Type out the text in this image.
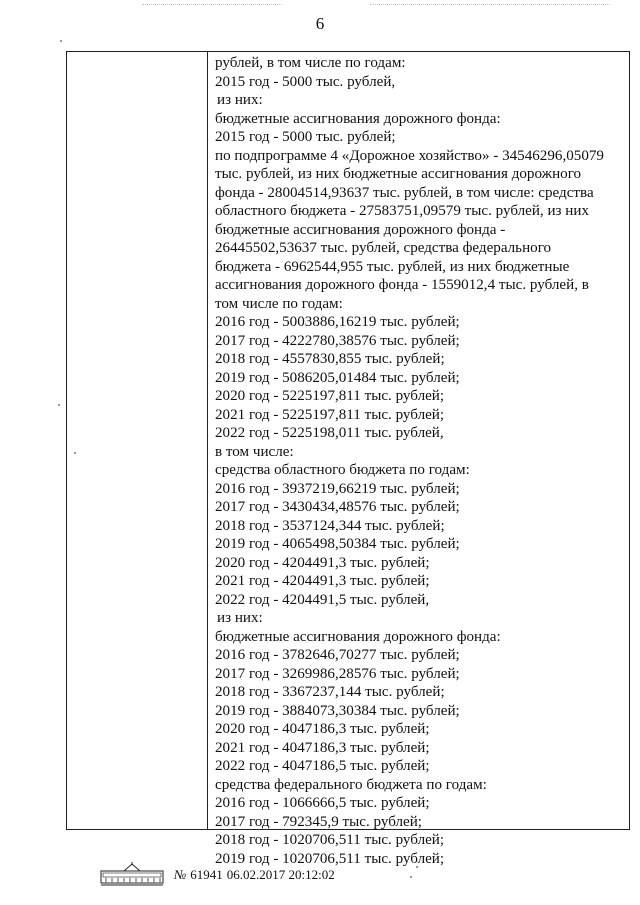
6
рублей, в том числе по годам:
2015 год - 5000 тыс. рублей,
из них:
бюджетные ассигнования дорожного фонда:
2015 год - 5000 тыс. рублей;
по подпрограмме 4 «Дорожное хозяйство» - 34546296,05079
тыс. рублей, из них бюджетные ассигнования дорожного
фонда - 28004514,93637 тыс. рублей, в том числе: средства
областного бюджета - 27583751,09579 тыс. рублей, из них
бюджетные ассигнования дорожного фонда -
26445502,53637 тыс. рублей, средства федерального
бюджета - 6962544,955 тыс. рублей, из них бюджетные
ассигнования дорожного фонда - 1559012,4 тыс. рублей, в
том числе по годам:
2016 год - 5003886,16219 тыс. рублей;
2017 год - 4222780,38576 тыс. рублей;
2018 год - 4557830,855 тыс. рублей;
2019 год - 5086205,01484 тыс. рублей;
2020 год - 5225197,811 тыс. рублей;
2021 год - 5225197,811 тыс. рублей;
2022 год - 5225198,011 тыс. рублей,
в том числе:
средства областного бюджета по годам:
2016 год - 3937219,66219 тыс. рублей;
2017 год - 3430434,48576 тыс. рублей;
2018 год - 3537124,344 тыс. рублей;
2019 год - 4065498,50384 тыс. рублей;
2020 год - 4204491,3 тыс. рублей;
2021 год - 4204491,3 тыс. рублей;
2022 год - 4204491,5 тыс. рублей,
из них:
бюджетные ассигнования дорожного фонда:
2016 год - 3782646,70277 тыс. рублей;
2017 год - 3269986,28576 тыс. рублей;
2018 год - 3367237,144 тыс. рублей;
2019 год - 3884073,30384 тыс. рублей;
2020 год - 4047186,3 тыс. рублей;
2021 год - 4047186,3 тыс. рублей;
2022 год - 4047186,5 тыс. рублей;
средства федерального бюджета по годам:
2016 год - 1066666,5 тыс. рублей;
2017 год - 792345,9 тыс. рублей;
2018 год - 1020706,511 тыс. рублей;
2019 год - 1020706,511 тыс. рублей;
№ 61941 06.02.2017 20:12:02
